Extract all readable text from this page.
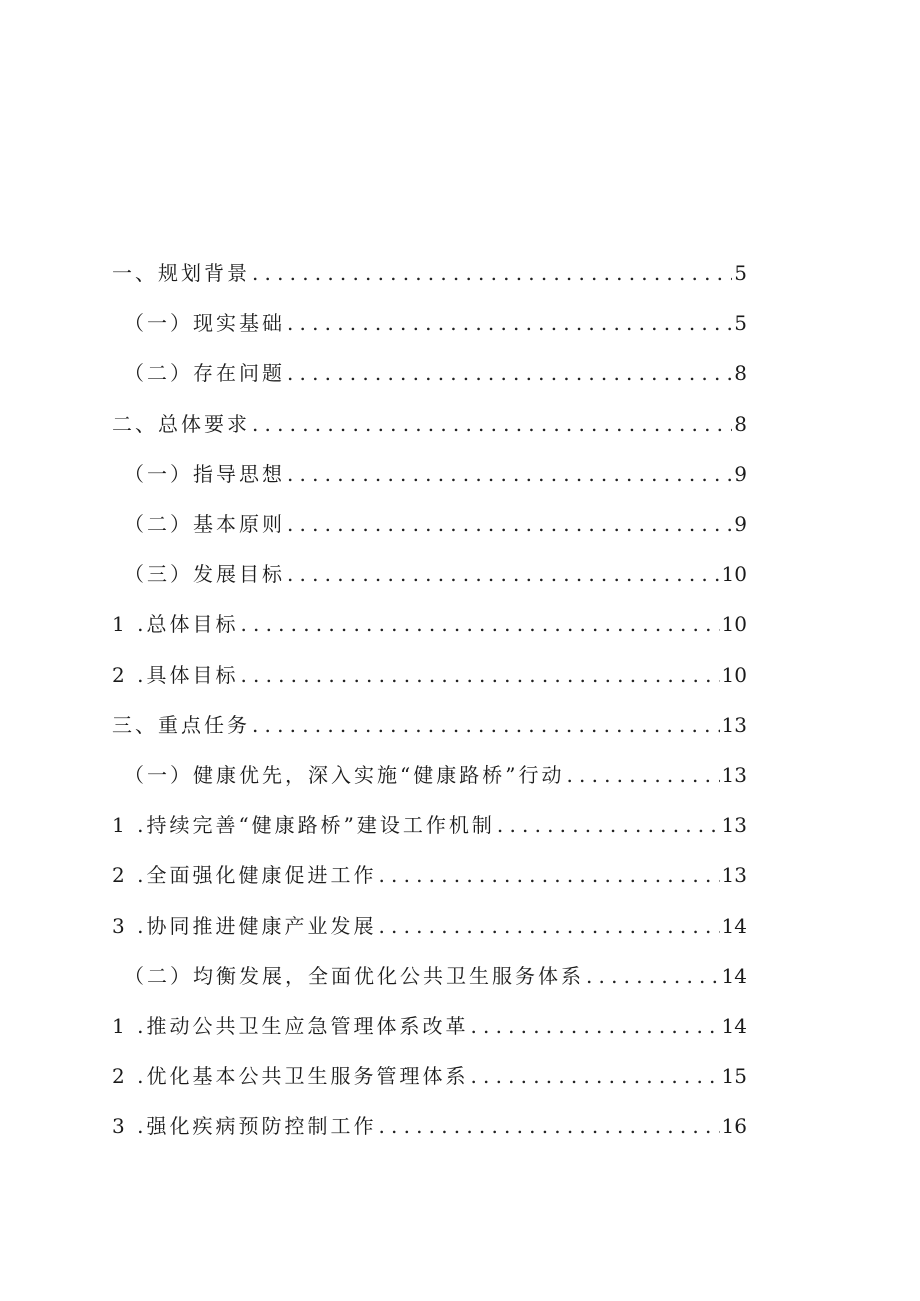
一、规划背景 .....	5
（一）现实基础 .....	5
（二）存在问题 .....	8
二、总体要求 .....	8
（一）指导思想 .....	9
（二）基本原则 .....	9
（三）发展目标 .....	10
1 .总体目标 .....	10
2 .具体目标 .....	10
三、重点任务 .....	13
（一）健康优先，深入实施“健康路桥”行动 .....	13
1 .持续完善“健康路桥”建设工作机制 .....	13
2 .全面强化健康促进工作 .....	13
3 .协同推进健康产业发展 .....	14
（二）均衡发展，全面优化公共卫生服务体系 .....	14
1 .推动公共卫生应急管理体系改革 .....	14
2 .优化基本公共卫生服务管理体系 .....	15
3 .强化疾病预防控制工作 .....	16
